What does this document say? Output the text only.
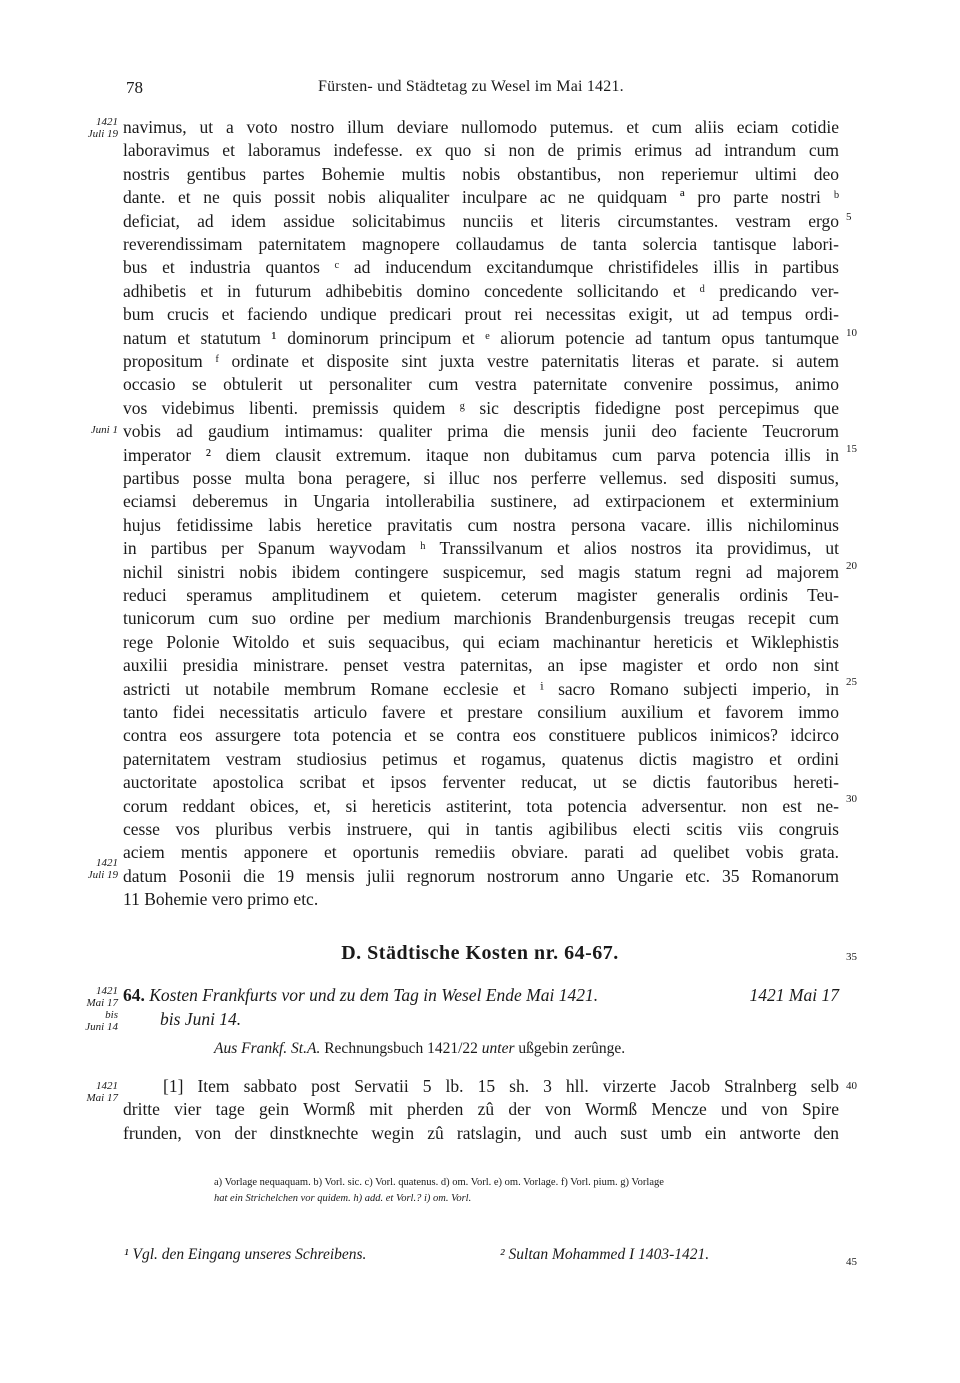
78	Fürsten- und Städtetag zu Wesel im Mai 1421.
1421
Juli 19
Juni 1
1421
Juli 19
1421
Mai 17
bis
Juni 14
1421
Mai 17
5
10
15
20
25
30
35
40
45
navimus, ut a voto nostro illum deviare nullomodo putemus. et cum aliis eciam cotidie
laboravimus et laboramus indefesse. ex quo si non de primis erimus ad intrandum cum
nostris gentibus partes Bohemie multis nobis obstantibus, non reperiemur ultimi deo
dante. et ne quis possit nobis aliqualiter inculpare ac ne quidquam ª pro parte nostri ᵇ
deficiat, ad idem assidue solicitabimus nunciis et literis circumstantes. vestram ergo
reverendissimam paternitatem magnopere collaudamus de tanta solercia tantisque labori-
bus et industria quantos ᶜ ad inducendum excitandumque christifideles illis in partibus
adhibetis et in futurum adhibebitis domino concedente sollicitando et ᵈ predicando ver-
bum crucis et faciendo undique predicari prout rei necessitas exigit, ut ad tempus ordi-
natum et statutum ¹ dominorum principum et ᵉ aliorum potencie ad tantum opus tantumque
propositum ᶠ ordinate et disposite sint juxta vestre paternitatis literas et parate. si autem
occasio se obtulerit ut personaliter cum vestra paternitate convenire possimus, animo
vos videbimus libenti. premissis quidem ᵍ sic descriptis fidedigne post percepimus que
vobis ad gaudium intimamus: qualiter prima die mensis junii deo faciente Teucrorum
imperator ² diem clausit extremum. itaque non dubitamus cum parva potencia illis in
partibus posse multa bona peragere, si illuc nos perferre vellemus. sed dispositi sumus,
eciamsi deberemus in Ungaria intollerabilia sustinere, ad extirpacionem et exterminium
hujus fetidissime labis heretice pravitatis cum nostra persona vacare. illis nichilominus
in partibus per Spanum wayvodam ʰ Transsilvanum et alios nostros ita providimus, ut
nichil sinistri nobis ibidem contingere suspicemur, sed magis statum regni ad majorem
reduci speramus amplitudinem et quietem. ceterum magister generalis ordinis Teu-
tunicorum cum suo ordine per medium marchionis Brandenburgensis treugas recepit cum
rege Polonie Witoldo et suis sequacibus, qui eciam machinantur hereticis et Wiklephistis
auxilii presidia ministrare. penset vestra paternitas, an ipse magister et ordo non sint
astricti ut notabile membrum Romane ecclesie et ⁱ sacro Romano subjecti imperio, in
tanto fidei necessitatis articulo favere et prestare consilium auxilium et favorem immo
contra eos assurgere tota potencia et se contra eos constituere publicos inimicos? idcirco
paternitatem vestram studiosius petimus et rogamus, quatenus dictis magistro et ordini
auctoritate apostolica scribat et ipsos ferventer reducat, ut se dictis fautoribus hereti-
corum reddant obices, et, si hereticis astiterint, tota potencia adversentur. non est ne-
cesse vos pluribus verbis instruere, qui in tantis agibilibus electi scitis viis congruis
aciem mentis apponere et oportunis remediis obviare. parati ad quelibet vobis grata.
datum Posonii die 19 mensis julii regnorum nostrorum anno Ungarie etc. 35 Romanorum
11 Bohemie vero primo etc.
D. Städtische Kosten nr. 64-67.
64. Kosten Frankfurts vor und zu dem Tag in Wesel Ende Mai 1421.	1421 Mai 17
bis Juni 14.
Aus Frankf. St.A. Rechnungsbuch 1421/22 unter ußgebin zerûnge.
[1] Item sabbato post Servatii 5 lb. 15 sh. 3 hll. virzerte Jacob Stralnberg selb
dritte vier tage gein Wormß mit pherden zû der von Wormß Mencze und von Spire
frunden, von der dinstknechte wegin zû ratslagin, und auch sust umb ein antworte den
a) Vorlage nequaquam. b) Vorl. sic. c) Vorl. quatenus. d) om. Vorl. e) om. Vorlage. f) Vorl. pium. g) Vorlage
hat ein Strichelchen vor quidem. h) add. et Vorl.? i) om. Vorl.
¹ Vgl. den Eingang unseres Schreibens.	² Sultan Mohammed I 1403-1421.
